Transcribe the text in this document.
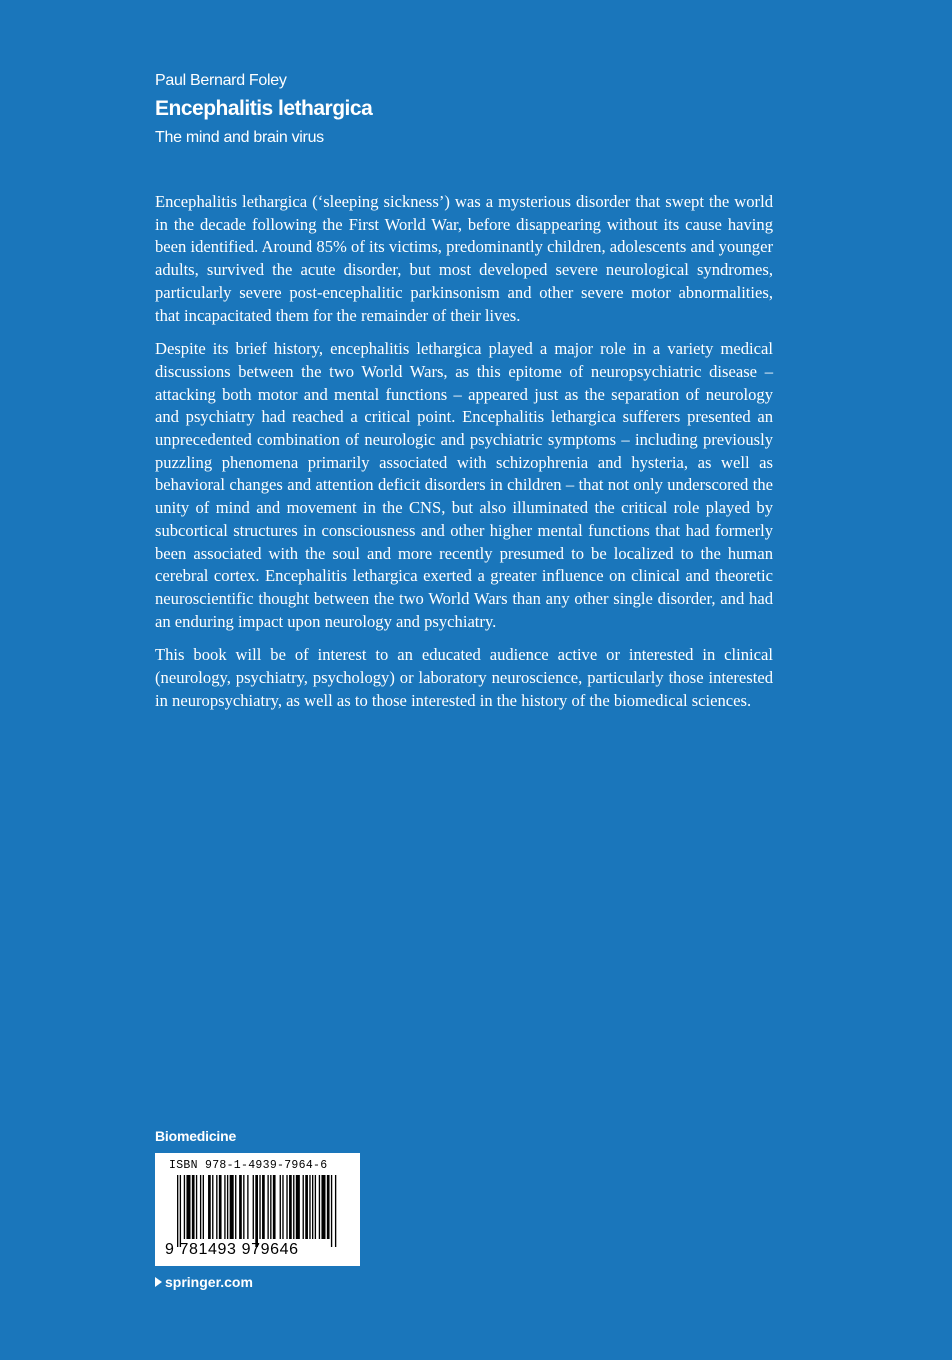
Paul Bernard Foley

Encephalitis lethargica

The mind and brain virus

Encephalitis lethargica (‘sleeping sickness’) was a mysterious disorder that swept the world in the decade following the First World War, before disappearing without its cause having been identified. Around 85% of its victims, predominantly children, adolescents and younger adults, survived the acute disorder, but most developed severe neurological syndromes, particularly severe post-encephalitic parkinsonism and other severe motor abnormalities, that incapacitated them for the remainder of their lives.

Despite its brief history, encephalitis lethargica played a major role in a variety medical discussions between the two World Wars, as this epitome of neuropsychiatric disease – attacking both motor and mental functions – appeared just as the separation of neurology and psychiatry had reached a critical point. Encephalitis lethargica sufferers presented an unprecedented combination of neurologic and psychiatric symptoms – including previously puzzling phenomena primarily associated with schizophrenia and hysteria, as well as behavioral changes and attention deficit disorders in children – that not only underscored the unity of mind and movement in the CNS, but also illuminated the critical role played by subcortical structures in consciousness and other higher mental functions that had formerly been associated with the soul and more recently presumed to be localized to the human cerebral cortex. Encephalitis lethargica exerted a greater influence on clinical and theoretic neuroscientific thought between the two World Wars than any other single disorder, and had an enduring impact upon neurology and psychiatry.

This book will be of interest to an educated audience active or interested in clinical (neurology, psychiatry, psychology) or laboratory neuroscience, particularly those interested in neuropsychiatry, as well as to those interested in the history of the biomedical sciences.

Biomedicine
ISBN 978-1-4939-7964-6
9 781493 979646
springer.com
